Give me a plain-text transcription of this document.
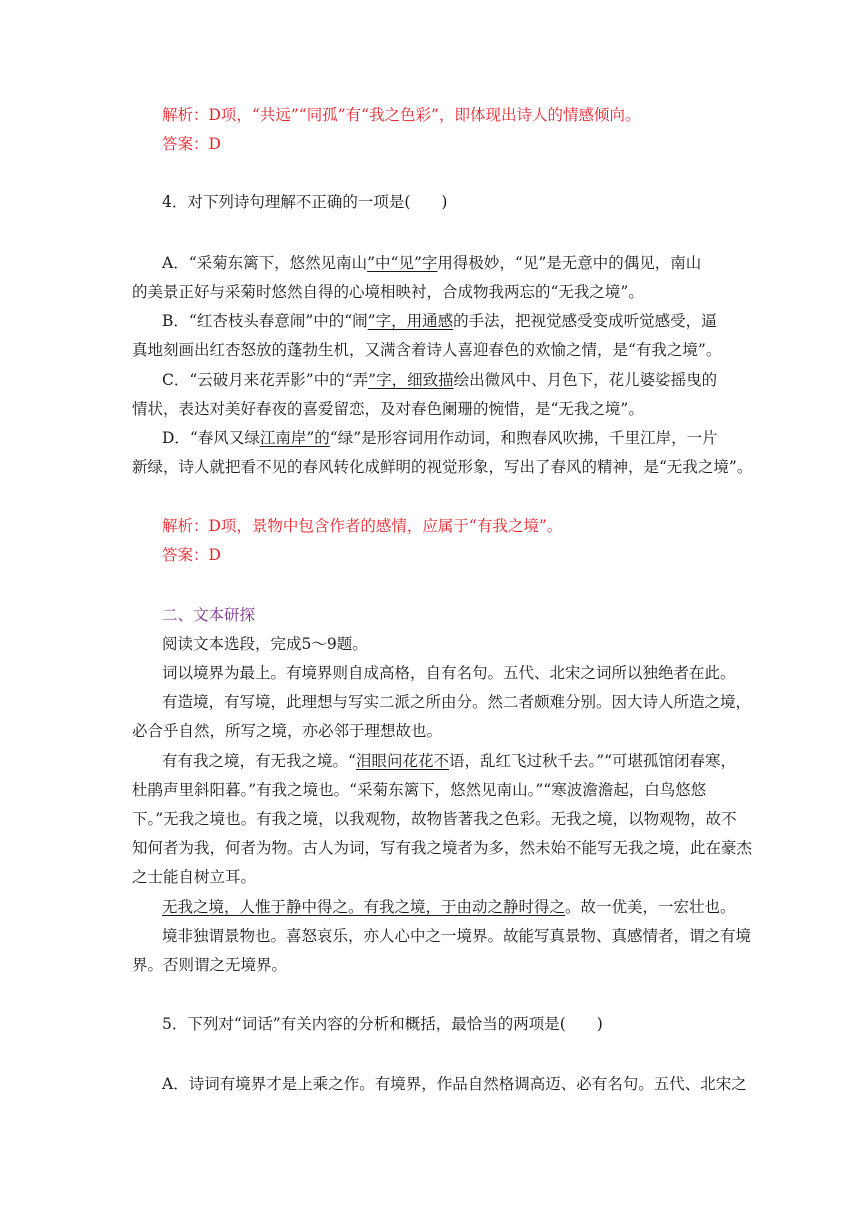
解析：D项，“共远”“同孤”有“我之色彩”，即体现出诗人的情感倾向。
答案：D
4．对下列诗句理解不正确的一项是(　　)
A．“采菊东篱下，悠然见南山”中“见”字用得极妙，“见”是无意中的偶见，南山
的美景正好与采菊时悠然自得的心境相映衬，合成物我两忘的“无我之境”。
B．“红杏枝头春意闹”中的“闹”字，用通感的手法，把视觉感受变成听觉感受，逼
真地刻画出红杏怒放的蓬勃生机，又满含着诗人喜迎春色的欢愉之情，是“有我之境”。
C．“云破月来花弄影”中的“弄”字，细致描绘出微风中、月色下，花儿婆娑摇曳的
情状，表达对美好春夜的喜爱留恋，及对春色阑珊的惋惜，是“无我之境”。
D．“春风又绿江南岸”的“绿”是形容词用作动词，和煦春风吹拂，千里江岸，一片
新绿，诗人就把看不见的春风转化成鲜明的视觉形象，写出了春风的精神，是“无我之境”。
解析：D项，景物中包含作者的感情，应属于“有我之境”。
答案：D
二、文本研探
阅读文本选段，完成5～9题。
词以境界为最上。有境界则自成高格，自有名句。五代、北宋之词所以独绝者在此。
有造境，有写境，此理想与写实二派之所由分。然二者颇难分别。因大诗人所造之境，
必合乎自然，所写之境，亦必邻于理想故也。
有有我之境，有无我之境。“泪眼问花花不语，乱红飞过秋千去。”“可堪孤馆闭春寒，
杜鹃声里斜阳暮。”有我之境也。“采菊东篱下，悠然见南山。”“寒波澹澹起，白鸟悠悠
下。”无我之境也。有我之境，以我观物，故物皆著我之色彩。无我之境，以物观物，故不
知何者为我，何者为物。古人为词，写有我之境者为多，然未始不能写无我之境，此在豪杰
之士能自树立耳。
无我之境，人惟于静中得之。有我之境，于由动之静时得之。故一优美，一宏壮也。
境非独谓景物也。喜怒哀乐，亦人心中之一境界。故能写真景物、真感情者，谓之有境
界。否则谓之无境界。
5．下列对“词话”有关内容的分析和概括，最恰当的两项是(　　)
A．诗词有境界才是上乘之作。有境界，作品自然格调高迈、必有名句。五代、北宋之
